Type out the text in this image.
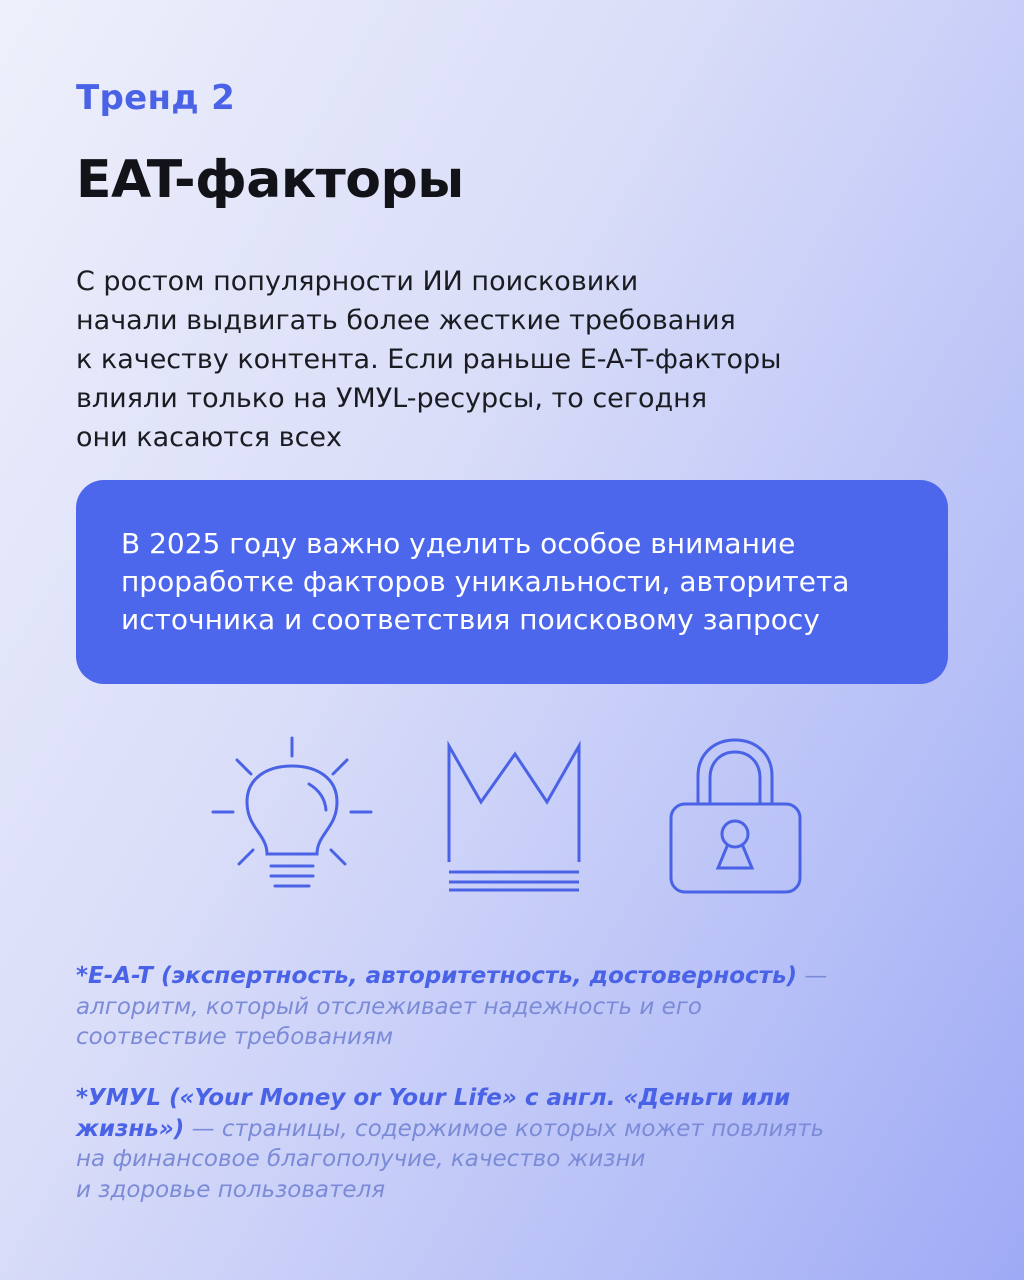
Тренд 2
EAT-факторы
С ростом популярности ИИ поисковики
начали выдвигать более жесткие требования
к качеству контента. Если раньше E-A-T-факторы
влияли только на УМУL-ресурсы, то сегодня
они касаются всех
В 2025 году важно уделить особое внимание
проработке факторов уникальности, авторитета
источника и соответствия поисковому запросу
*E-A-T (экспертность, авторитетность, достоверность) —
алгоритм, который отслеживает надежность и его
соотвествие требованиям
*УМУL («Your Money or Your Life» с англ. «Деньги или
жизнь») — страницы, содержимое которых может повлиять
на финансовое благополучие, качество жизни
и здоровье пользователя
